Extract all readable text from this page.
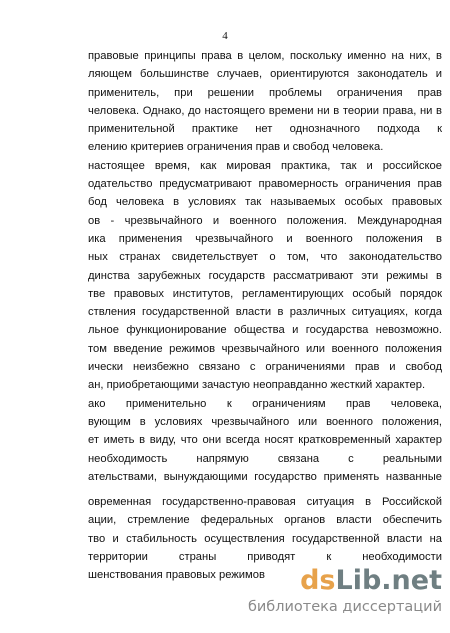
4
правовые принципы права в целом, поскольку именно на них, в
ляющем большинстве случаев, ориентируются законодатель и
применитель, при решении проблемы ограничения прав
человека. Однако, до настоящего времени ни в теории права, ни в
применительной практике нет однозначного подхода к
елению критериев ограничения прав и свобод человека.
настоящее время, как мировая практика, так и российское
одательство предусматривают правомерность ограничения прав
бод человека в условиях так называемых особых правовых
ов - чрезвычайного и военного положения. Международная
ика применения чрезвычайного и военного положения в
ных странах свидетельствует о том, что законодательство
динства зарубежных государств рассматривают эти режимы в
тве правовых институтов, регламентирующих особый порядок
ствления государственной власти в различных ситуациях, когда
льное функционирование общества и государства невозможно.
том введение режимов чрезвычайного или военного положения
ически неизбежно связано с ограничениями прав и свобод
ан, приобретающими зачастую неоправданно жесткий характер.
ако применительно к ограничениям прав человека,
вующим в условиях чрезвычайного или военного положения,
ет иметь в виду, что они всегда носят кратковременный характер
необходимость напрямую связана с реальными
ательствами, вынуждающими государство применять названные
овременная государственно-правовая ситуация в Российской
ации, стремление федеральных органов власти обеспечить
тво и стабильность осуществления государственной власти на
территории страны приводят к необходимости
шенствования правовых режимов	dsLib.net
библиотека диссертаций
